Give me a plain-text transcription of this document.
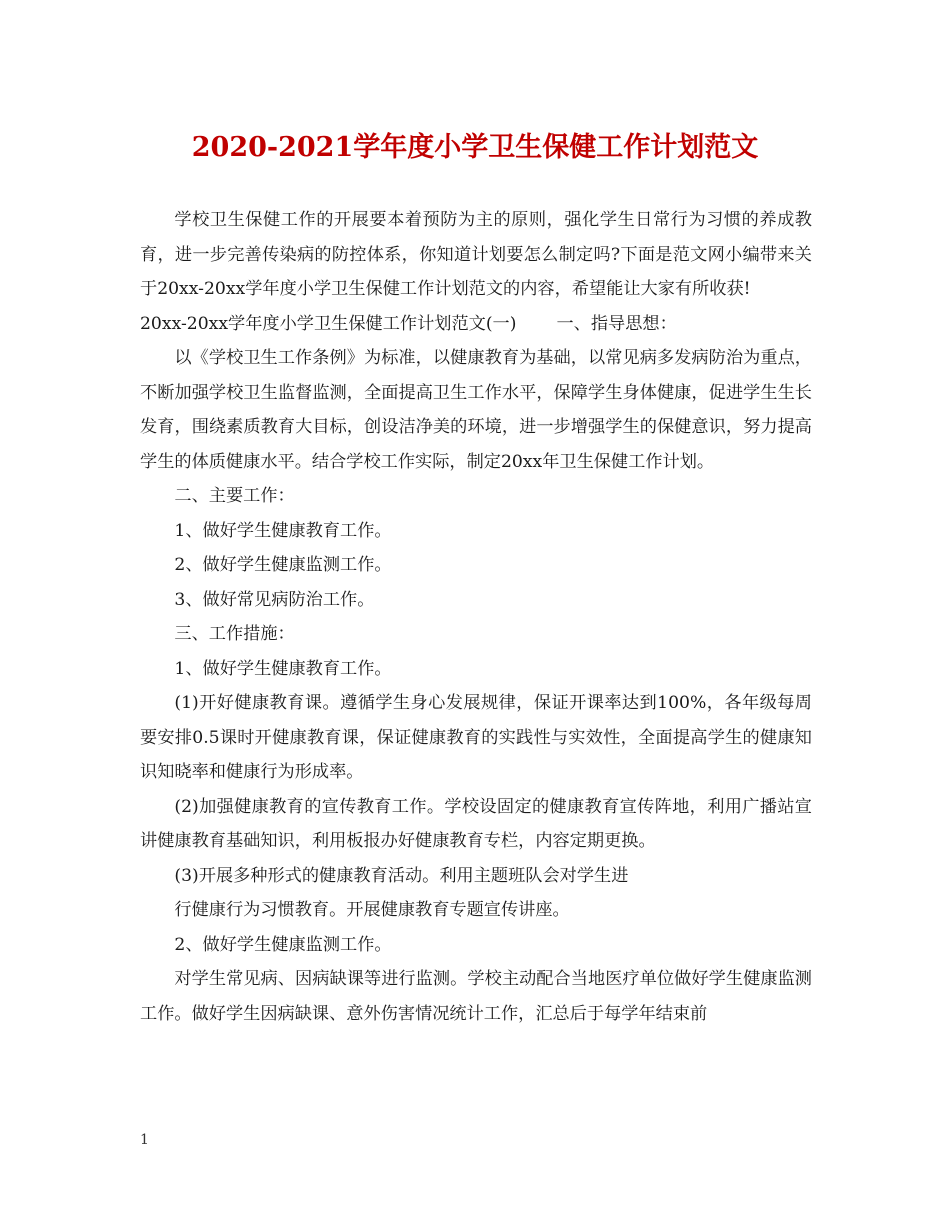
2020-2021学年度小学卫生保健工作计划范文

学校卫生保健工作的开展要本着预防为主的原则，强化学生日常行为习惯的养成教育，进一步完善传染病的防控体系，你知道计划要怎么制定吗?下面是范文网小编带来关于20xx-20xx学年度小学卫生保健工作计划范文的内容，希望能让大家有所收获!

20xx-20xx学年度小学卫生保健工作计划范文(一) 一、指导思想：

以《学校卫生工作条例》为标准，以健康教育为基础，以常见病多发病防治为重点，不断加强学校卫生监督监测，全面提高卫生工作水平，保障学生身体健康，促进学生生长发育，围绕素质教育大目标，创设洁净美的环境，进一步增强学生的保健意识，努力提高学生的体质健康水平。结合学校工作实际，制定20xx年卫生保健工作计划。

二、主要工作：

1、做好学生健康教育工作。

2、做好学生健康监测工作。

3、做好常见病防治工作。

三、工作措施：

1、做好学生健康教育工作。

(1)开好健康教育课。遵循学生身心发展规律，保证开课率达到100%，各年级每周要安排0.5课时开健康教育课，保证健康教育的实践性与实效性，全面提高学生的健康知识知晓率和健康行为形成率。

(2)加强健康教育的宣传教育工作。学校设固定的健康教育宣传阵地，利用广播站宣讲健康教育基础知识，利用板报办好健康教育专栏，内容定期更换。

(3)开展多种形式的健康教育活动。利用主题班队会对学生进

行健康行为习惯教育。开展健康教育专题宣传讲座。

2、做好学生健康监测工作。

对学生常见病、因病缺课等进行监测。学校主动配合当地医疗单位做好学生健康监测工作。做好学生因病缺课、意外伤害情况统计工作，汇总后于每学年结束前

1
